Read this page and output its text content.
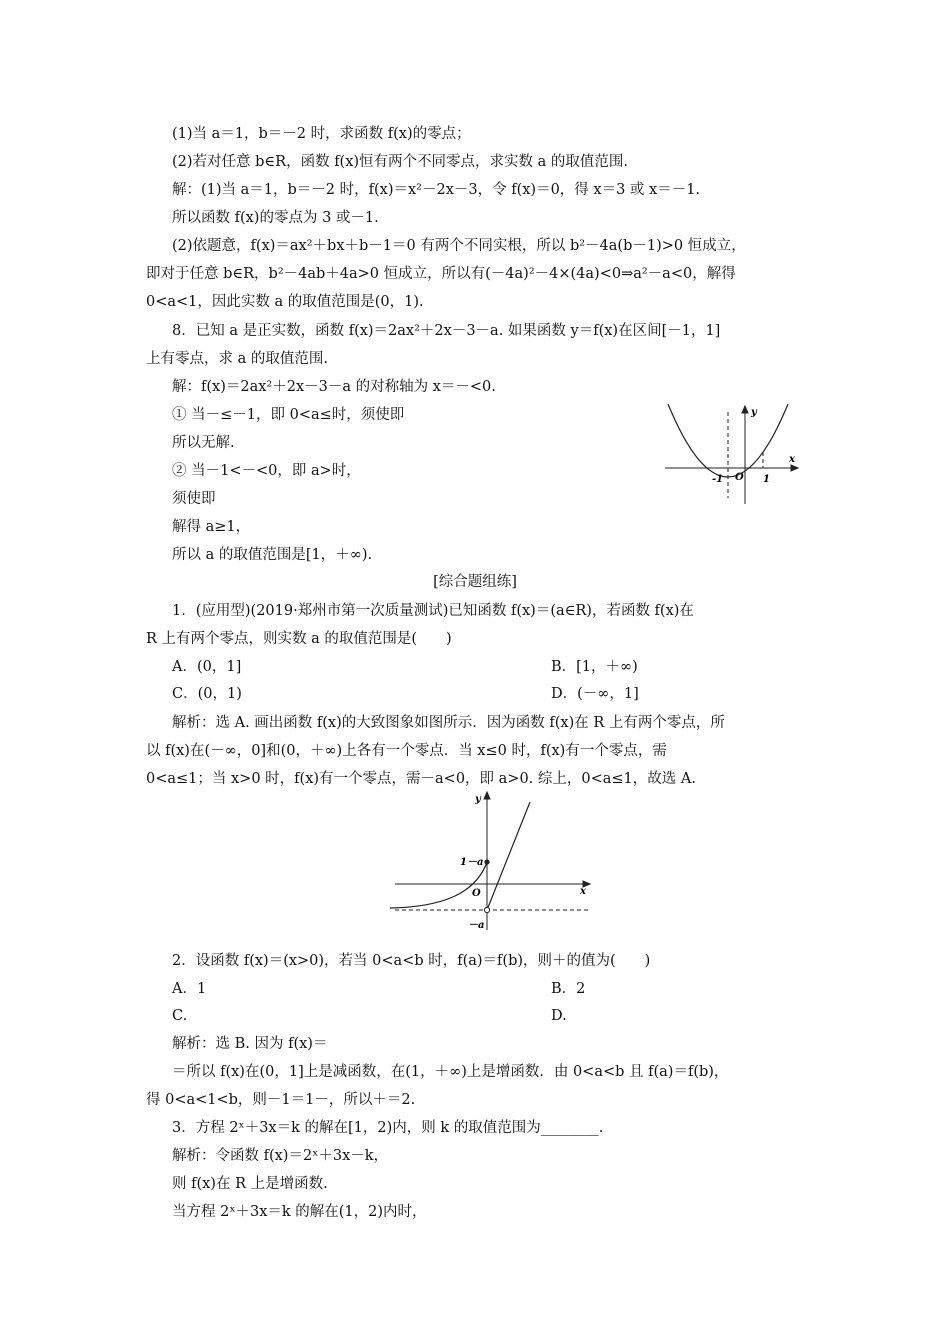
(1)当 a＝1，b＝－2 时，求函数 f(x)的零点；
(2)若对任意 b∈R，函数 f(x)恒有两个不同零点，求实数 a 的取值范围.
解：(1)当 a＝1，b＝－2 时，f(x)＝x²－2x－3，令 f(x)＝0，得 x＝3 或 x＝－1.
所以函数 f(x)的零点为 3 或－1.
(2)依题意，f(x)＝ax²＋bx＋b－1＝0 有两个不同实根，所以 b²－4a(b－1)>0 恒成立，
即对于任意 b∈R，b²－4ab＋4a>0 恒成立，所以有(－4a)²－4×(4a)<0⇒a²－a<0，解得
0<a<1，因此实数 a 的取值范围是(0，1).
8．已知 a 是正实数，函数 f(x)＝2ax²＋2x－3－a. 如果函数 y＝f(x)在区间[－1，1]
上有零点，求 a 的取值范围.
解：f(x)＝2ax²＋2x－3－a 的对称轴为 x＝－<0.
① 当－≤－1，即 0<a≤时，须使即
所以无解.
② 当－1<－<0，即 a>时，
须使即
解得 a≥1，
所以 a 的取值范围是[1，＋∞).
[综合题组练]
1．(应用型)(2019·郑州市第一次质量测试)已知函数 f(x)＝(a∈R)，若函数 f(x)在
R 上有两个零点，则实数 a 的取值范围是(　　)
A．(0，1]	B．[1，＋∞)
C．(0，1)	D．(－∞，1]
解析：选 A. 画出函数 f(x)的大致图象如图所示．因为函数 f(x)在 R 上有两个零点，所
以 f(x)在(－∞，0]和(0，＋∞)上各有一个零点．当 x≤0 时，f(x)有一个零点，需
0<a≤1；当 x>0 时，f(x)有一个零点，需－a<0，即 a>0. 综上，0<a≤1，故选 A.
2．设函数 f(x)＝(x>0)，若当 0<a<b 时，f(a)＝f(b)，则＋的值为(　　)
A．1	B．2
C.	D.
解析：选 B. 因为 f(x)＝
＝所以 f(x)在(0，1]上是减函数，在(1，＋∞)上是增函数．由 0<a<b 且 f(a)＝f(b)，
得 0<a<1<b，则－1＝1－，所以＋＝2.
3．方程 2ˣ＋3x＝k 的解在[1，2)内，则 k 的取值范围为________.
解析：令函数 f(x)＝2ˣ＋3x－k，
则 f(x)在 R 上是增函数.
当方程 2ˣ＋3x＝k 的解在(1，2)内时，
y
x
O
-1	1
y
x
O
1－a
－a
